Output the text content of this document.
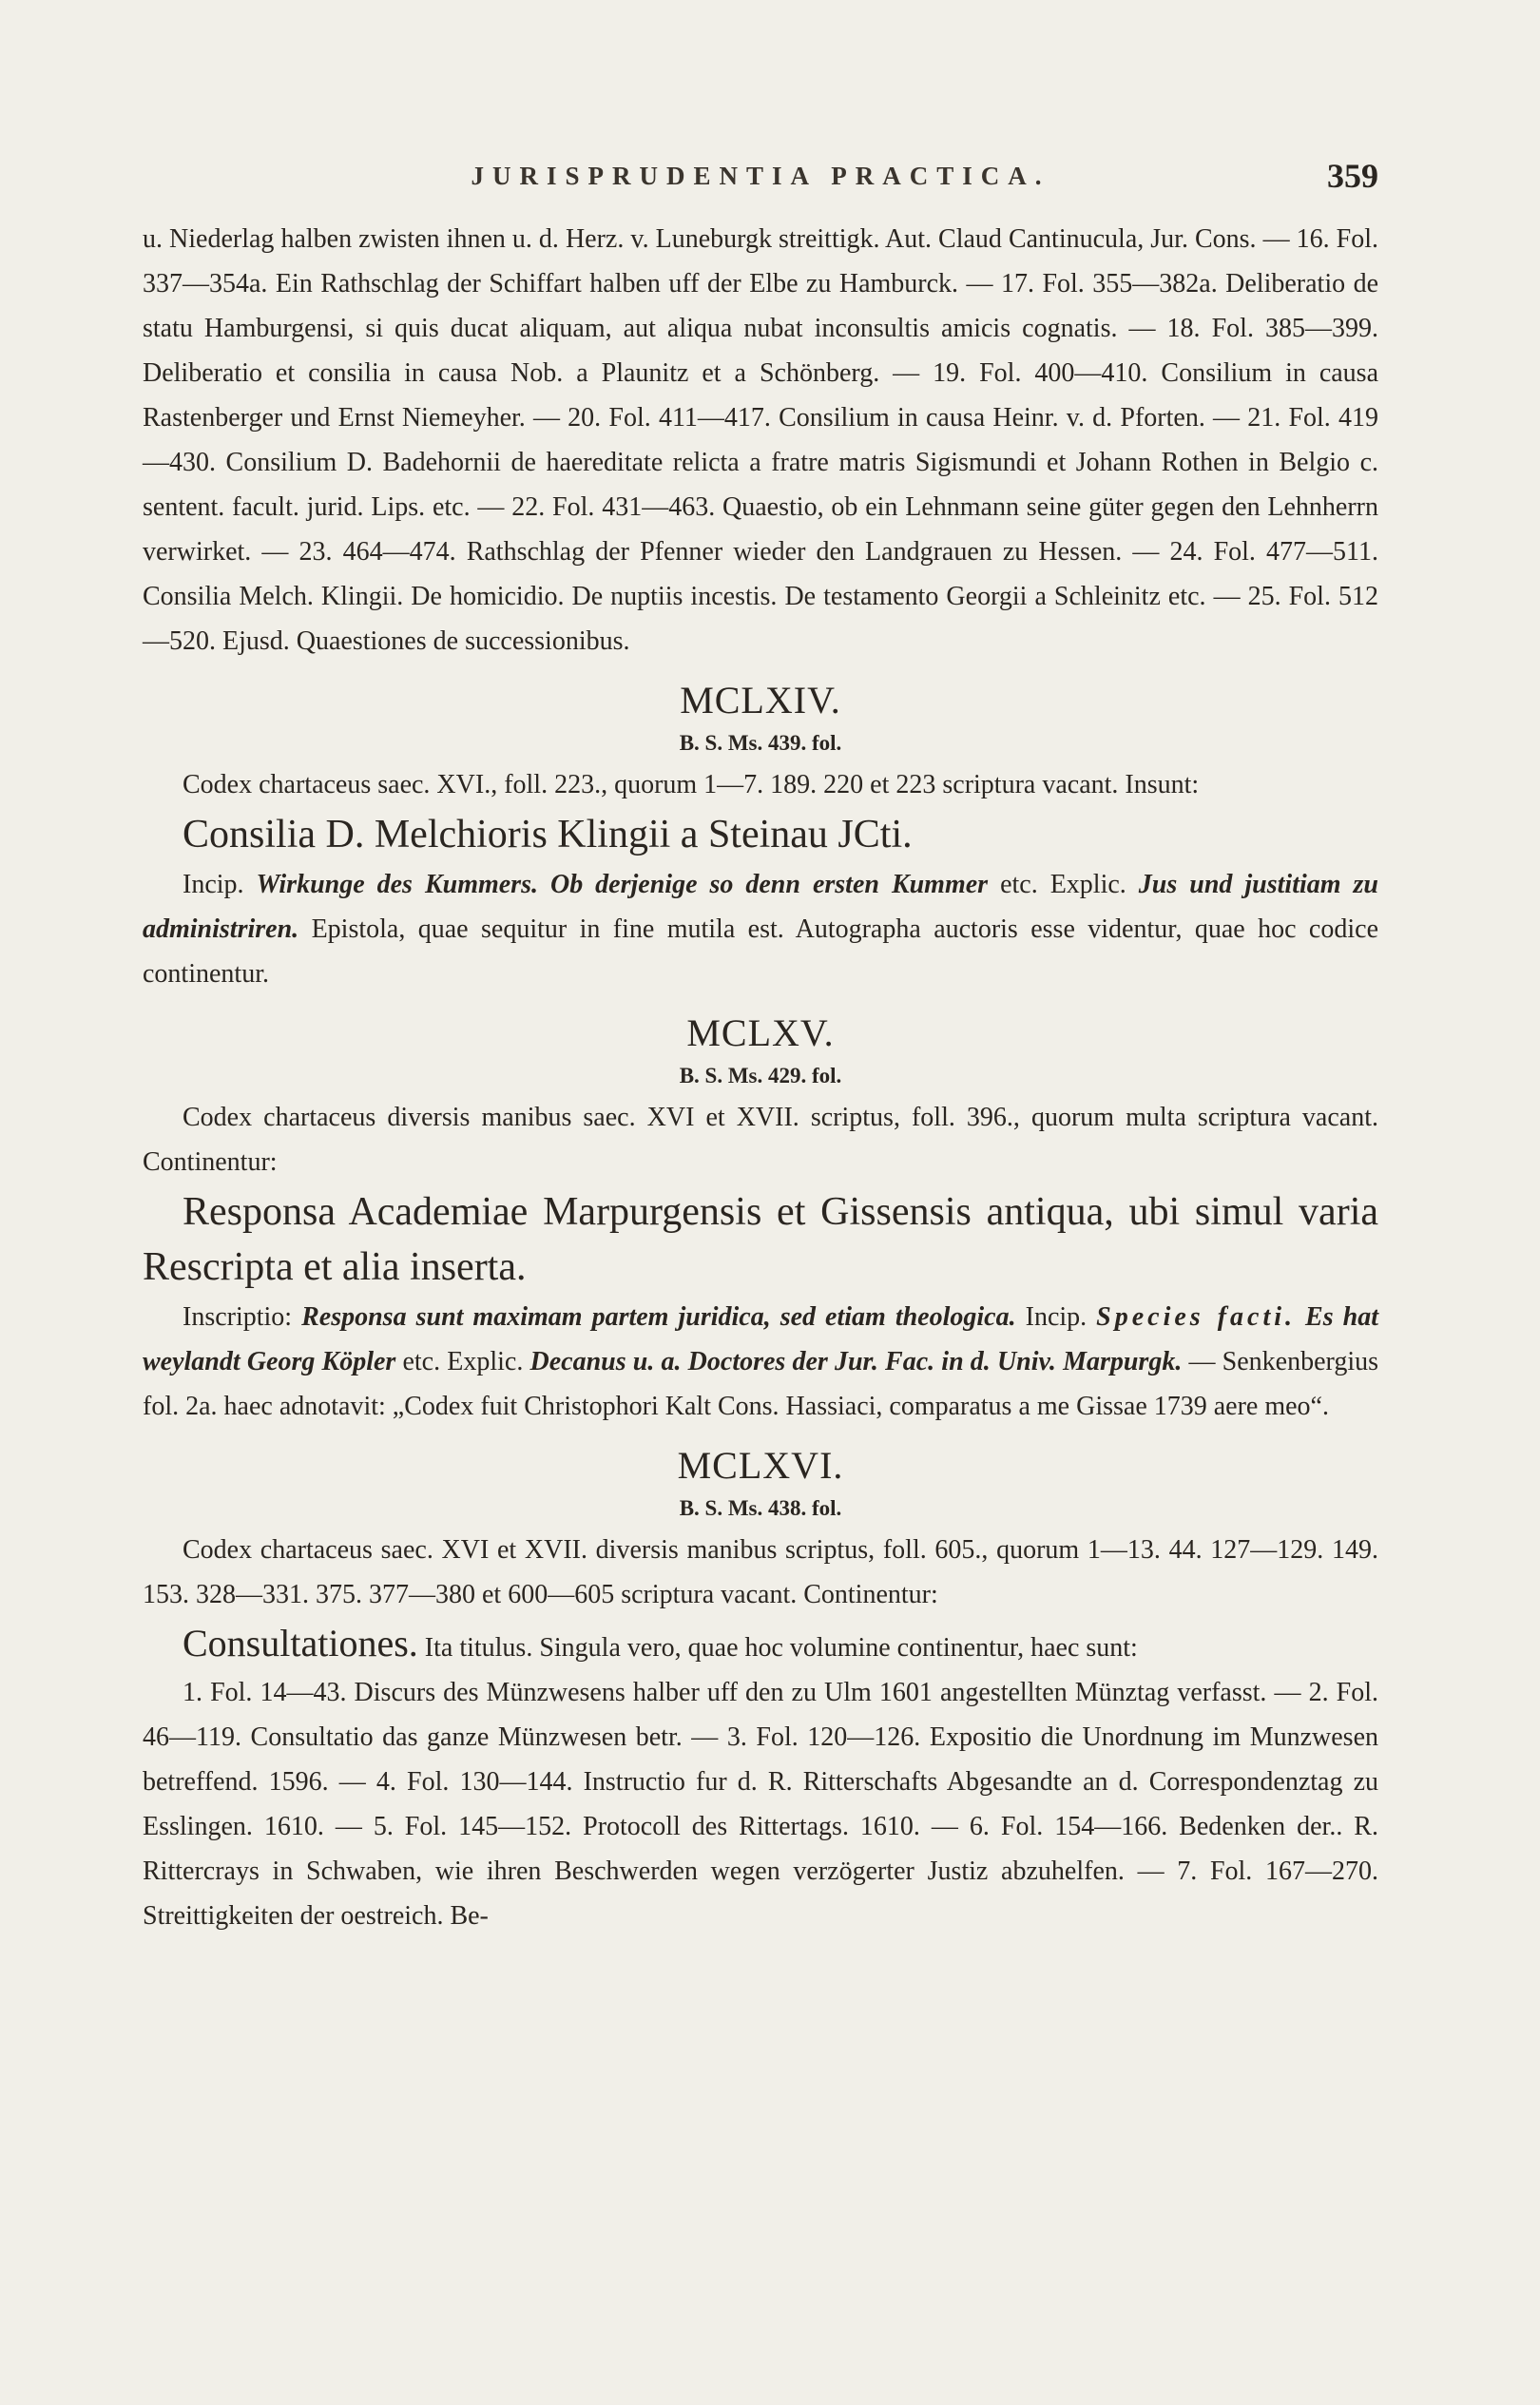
JURISPRUDENTIA PRACTICA.	359

u. Niederlag halben zwisten ihnen u. d. Herz. v. Luneburgk streittigk. Aut. Claud Cantinucula, Jur. Cons. — 16. Fol. 337—354a. Ein Rathschlag der Schiffart halben uff der Elbe zu Hamburck. — 17. Fol. 355—382a. Deliberatio de statu Hamburgensi, si quis ducat aliquam, aut aliqua nubat inconsultis amicis cognatis. — 18. Fol. 385—399. Deliberatio et consilia in causa Nob. a Plaunitz et a Schönberg. — 19. Fol. 400—410. Consilium in causa Rastenberger und Ernst Niemeyher. — 20. Fol. 411—417. Consilium in causa Heinr. v. d. Pforten. — 21. Fol. 419—430. Consilium D. Badehornii de haereditate relicta a fratre matris Sigismundi et Johann Rothen in Belgio c. sentent. facult. jurid. Lips. etc. — 22. Fol. 431—463. Quaestio, ob ein Lehnmann seine güter gegen den Lehnherrn verwirket. — 23. 464—474. Rathschlag der Pfenner wieder den Landgrauen zu Hessen. — 24. Fol. 477—511. Consilia Melch. Klingii. De homicidio. De nuptiis incestis. De testamento Georgii a Schleinitz etc. — 25. Fol. 512—520. Ejusd. Quaestiones de successionibus.

MCLXIV.
B. S. Ms. 439. fol.

Codex chartaceus saec. XVI., foll. 223., quorum 1—7. 189. 220 et 223 scriptura vacant. Insunt:

Consilia D. Melchioris Klingii a Steinau JCti.

Incip. Wirkunge des Kummers. Ob derjenige so denn ersten Kummer etc. Explic. Jus und justitiam zu administriren. Epistola, quae sequitur in fine mutila est. Autographa auctoris esse videntur, quae hoc codice continentur.

MCLXV.
B. S. Ms. 429. fol.

Codex chartaceus diversis manibus saec. XVI et XVII. scriptus, foll. 396., quorum multa scriptura vacant. Continentur:

Responsa Academiae Marpurgensis et Gissensis antiqua, ubi simul varia Rescripta et alia inserta.

Inscriptio: Responsa sunt maximam partem juridica, sed etiam theologica. Incip. Species facti. Es hat weylandt Georg Köpler etc. Explic. Decanus u. a. Doctores der Jur. Fac. in d. Univ. Marpurgk. — Senkenbergius fol. 2a. haec adnotavit: „Codex fuit Christophori Kalt Cons. Hassiaci, comparatus a me Gissae 1739 aere meo“.

MCLXVI.
B. S. Ms. 438. fol.

Codex chartaceus saec. XVI et XVII. diversis manibus scriptus, foll. 605., quorum 1—13. 44. 127—129. 149. 153. 328—331. 375. 377—380 et 600—605 scriptura vacant. Continentur:

Consultationes. Ita titulus. Singula vero, quae hoc volumine continentur, haec sunt:

1. Fol. 14—43. Discurs des Münzwesens halber uff den zu Ulm 1601 angestellten Münztag verfasst. — 2. Fol. 46—119. Consultatio das ganze Münzwesen betr. — 3. Fol. 120—126. Expositio die Unordnung im Munzwesen betreffend. 1596. — 4. Fol. 130—144. Instructio fur d. R. Ritterschafts Abgesandte an d. Correspondenztag zu Esslingen. 1610. — 5. Fol. 145—152. Protocoll des Rittertags. 1610. — 6. Fol. 154—166. Bedenken der.. R. Rittercrays in Schwaben, wie ihren Beschwerden wegen verzögerter Justiz abzuhelfen. — 7. Fol. 167—270. Streittigkeiten der oestreich. Be-
